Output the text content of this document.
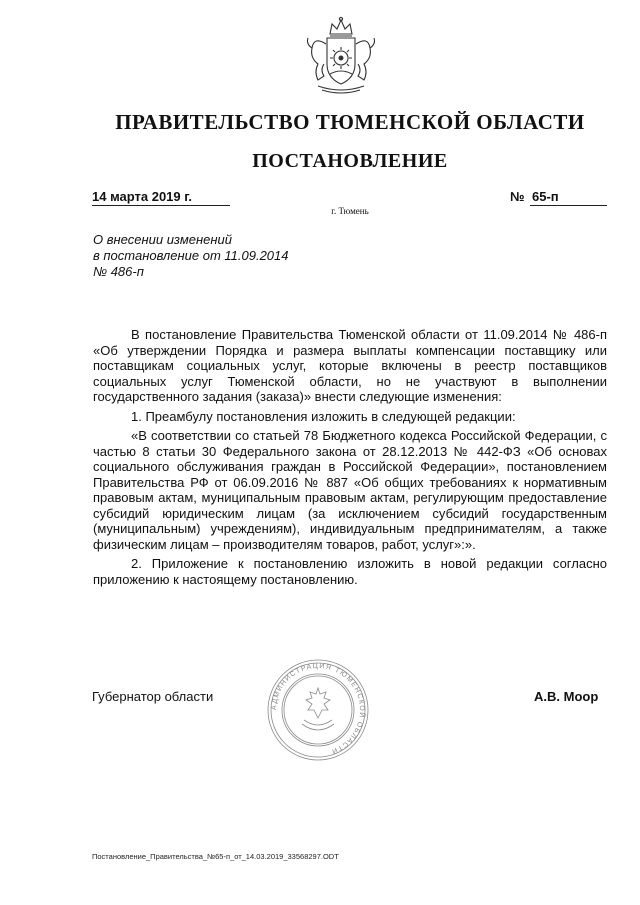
ПРАВИТЕЛЬСТВО ТЮМЕНСКОЙ ОБЛАСТИ
ПОСТАНОВЛЕНИЕ
14 марта 2019 г.	№ 65-п
г. Тюмень
О внесении изменений
в постановление от 11.09.2014
№ 486-п

В постановление Правительства Тюменской области от 11.09.2014 № 486-п «Об утверждении Порядка и размера выплаты компенсации поставщику или поставщикам социальных услуг, которые включены в реестр поставщиков социальных услуг Тюменской области, но не участвуют в выполнении государственного задания (заказа)» внести следующие изменения:

1. Преамбулу постановления изложить в следующей редакции:

«В соответствии со статьей 78 Бюджетного кодекса Российской Федерации, с частью 8 статьи 30 Федерального закона от 28.12.2013 № 442-ФЗ «Об основах социального обслуживания граждан в Российской Федерации», постановлением Правительства РФ от 06.09.2016 № 887 «Об общих требованиях к нормативным правовым актам, муниципальным правовым актам, регулирующим предоставление субсидий юридическим лицам (за исключением субсидий государственным (муниципальным) учреждениям), индивидуальным предпринимателям, а также физическим лицам – производителям товаров, работ, услуг»:».

2. Приложение к постановлению изложить в новой редакции согласно приложению к настоящему постановлению.

АДМИНИСТРАЦИЯ ТЮМЕНСКОЙ ОБЛАСТИ
Губернатор области	А.В. Моор
Постановление_Правительства_№65-п_от_14.03.2019_33568297.ODT
